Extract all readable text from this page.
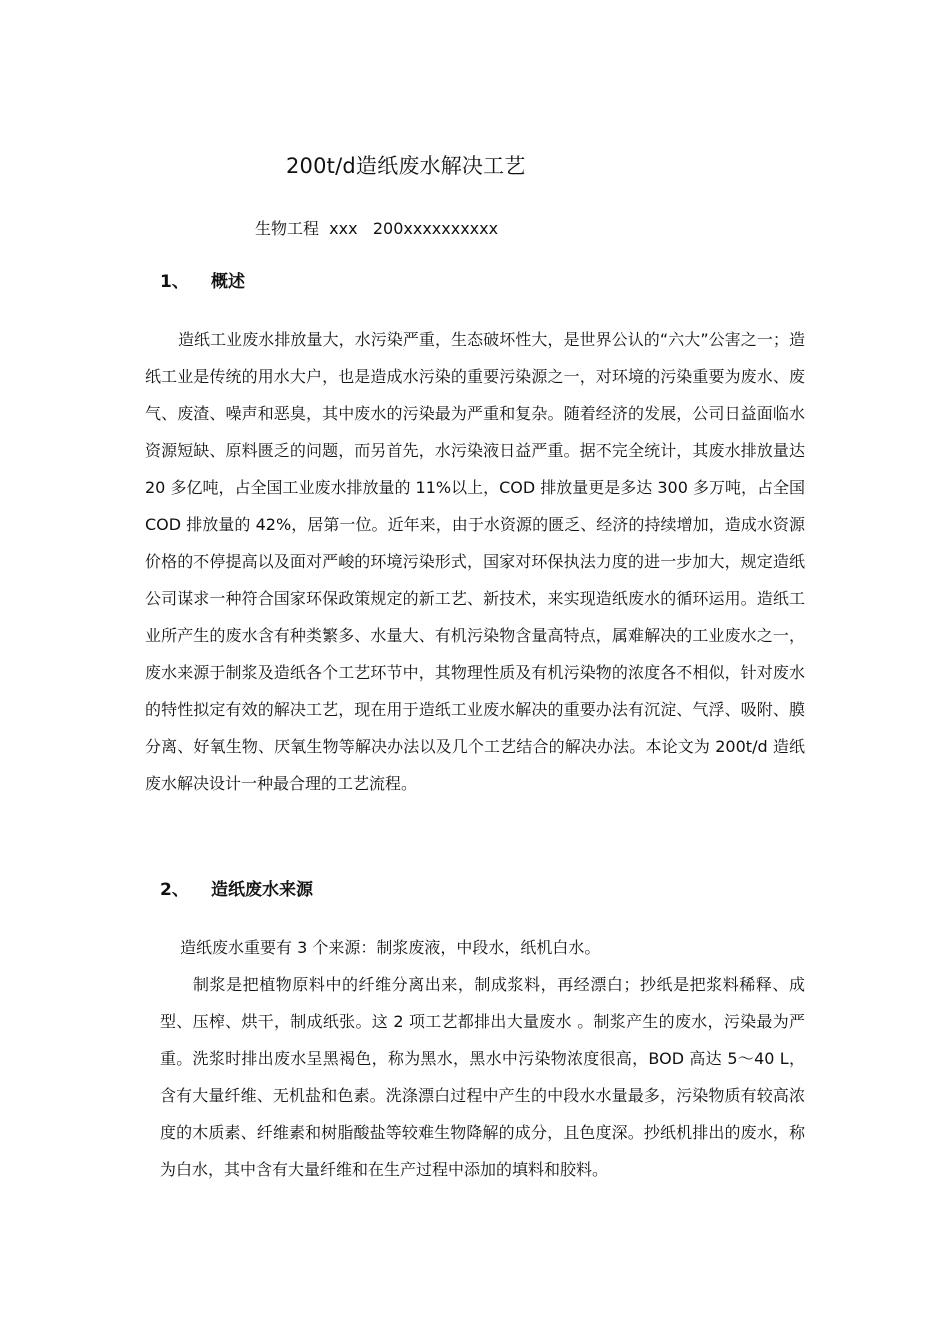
200t/d造纸废水解决工艺
生物工程  xxx   200xxxxxxxxxx
1、 概述

造纸工业废水排放量大，水污染严重，生态破坏性大，是世界公认的“六大”公害之一；造纸工业是传统的用水大户，也是造成水污染的重要污染源之一，对环境的污染重要为废水、废气、废渣、噪声和恶臭，其中废水的污染最为严重和复杂。随着经济的发展，公司日益面临水资源短缺、原料匮乏的问题，而另首先，水污染液日益严重。据不完全统计，其废水排放量达 20 多亿吨，占全国工业废水排放量的 11%以上，COD 排放量更是多达 300 多万吨，占全国 COD 排放量的 42%，居第一位。近年来，由于水资源的匮乏、经济的持续增加，造成水资源价格的不停提高以及面对严峻的环境污染形式，国家对环保执法力度的进一步加大，规定造纸公司谋求一种符合国家环保政策规定的新工艺、新技术，来实现造纸废水的循环运用。造纸工业所产生的废水含有种类繁多、水量大、有机污染物含量高特点，属难解决的工业废水之一，废水来源于制浆及造纸各个工艺环节中，其物理性质及有机污染物的浓度各不相似，针对废水的特性拟定有效的解决工艺，现在用于造纸工业废水解决的重要办法有沉淀、气浮、吸附、膜分离、好氧生物、厌氧生物等解决办法以及几个工艺结合的解决办法。本论文为 200t/d 造纸废水解决设计一种最合理的工艺流程。

2、 造纸废水来源

造纸废水重要有 3 个来源：制浆废液，中段水，纸机白水。

制浆是把植物原料中的纤维分离出来，制成浆料，再经漂白；抄纸是把浆料稀释、成型、压榨、烘干，制成纸张。这 2 项工艺都排出大量废水 。制浆产生的废水，污染最为严重。洗浆时排出废水呈黑褐色，称为黑水，黑水中污染物浓度很高，BOD 高达 5～40 L，含有大量纤维、无机盐和色素。洗涤漂白过程中产生的中段水水量最多，污染物质有较高浓度的木质素、纤维素和树脂酸盐等较难生物降解的成分，且色度深。抄纸机排出的废水，称为白水，其中含有大量纤维和在生产过程中添加的填料和胶料。
